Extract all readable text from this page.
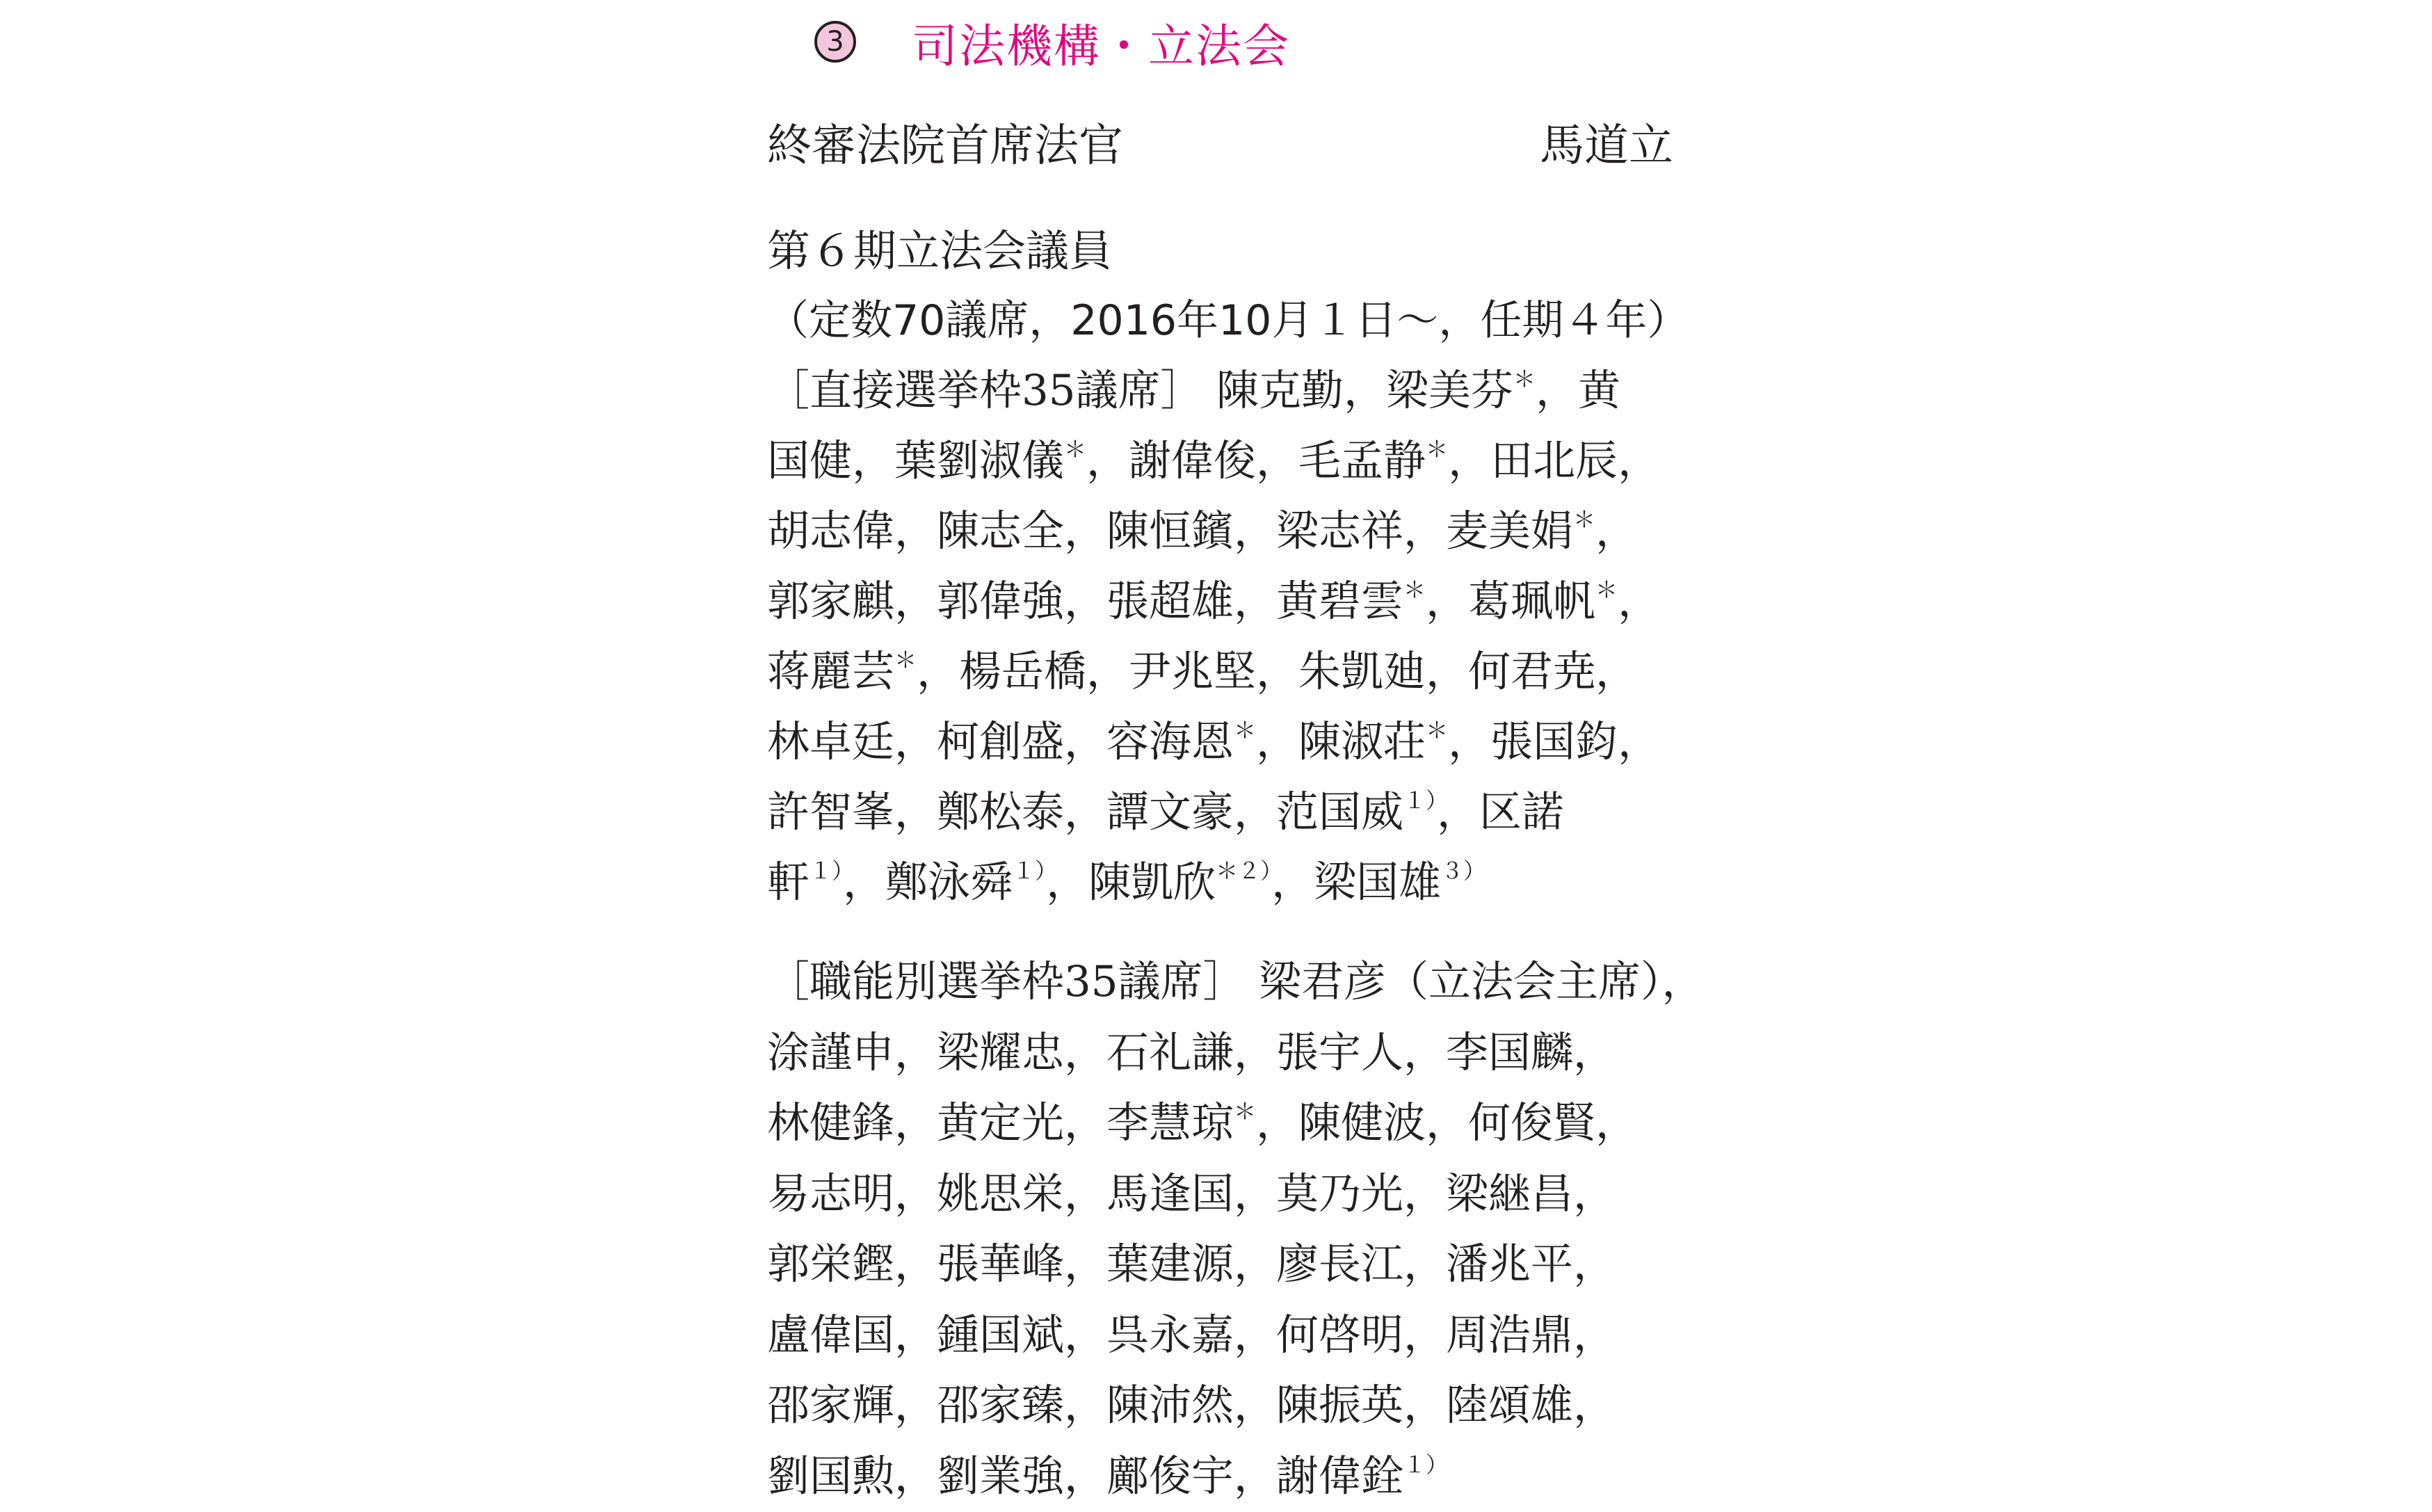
3 司法機構・立法会
終審法院首席法官	馬道立
第６期立法会議員
（定数70議席，2016年10月１日～，任期４年）
［直接選挙枠35議席］ 陳克勤，梁美芬＊，黄
国健，葉劉淑儀＊，謝偉俊，毛孟静＊，田北辰，
胡志偉，陳志全，陳恒鑌，梁志祥，麦美娟＊，
郭家麒，郭偉強，張超雄，黄碧雲＊，葛珮帆＊，
蒋麗芸＊，楊岳橋，尹兆堅，朱凱廸，何君尭，
林卓廷，柯創盛，容海恩＊，陳淑荘＊，張国鈞，
許智峯，鄭松泰，譚文豪，范国威$^{1)}$，区諾
軒$^{1)}$，鄭泳舜$^{1)}$，陳凱欣$^{*2)}$，梁国雄$^{3)}$
［職能別選挙枠35議席］ 梁君彦（立法会主席），
涂謹申，梁耀忠，石礼謙，張宇人，李国麟，
林健鋒，黄定光，李慧琼＊，陳健波，何俊賢，
易志明，姚思栄，馬逢国，莫乃光，梁継昌，
郭栄鏗，張華峰，葉建源，廖長江，潘兆平，
盧偉国，鍾国斌，呉永嘉，何啓明，周浩鼎，
邵家輝，邵家臻，陳沛然，陳振英，陸頌雄，
劉国勲，劉業強，鄺俊宇，謝偉銓$^{1)}$
